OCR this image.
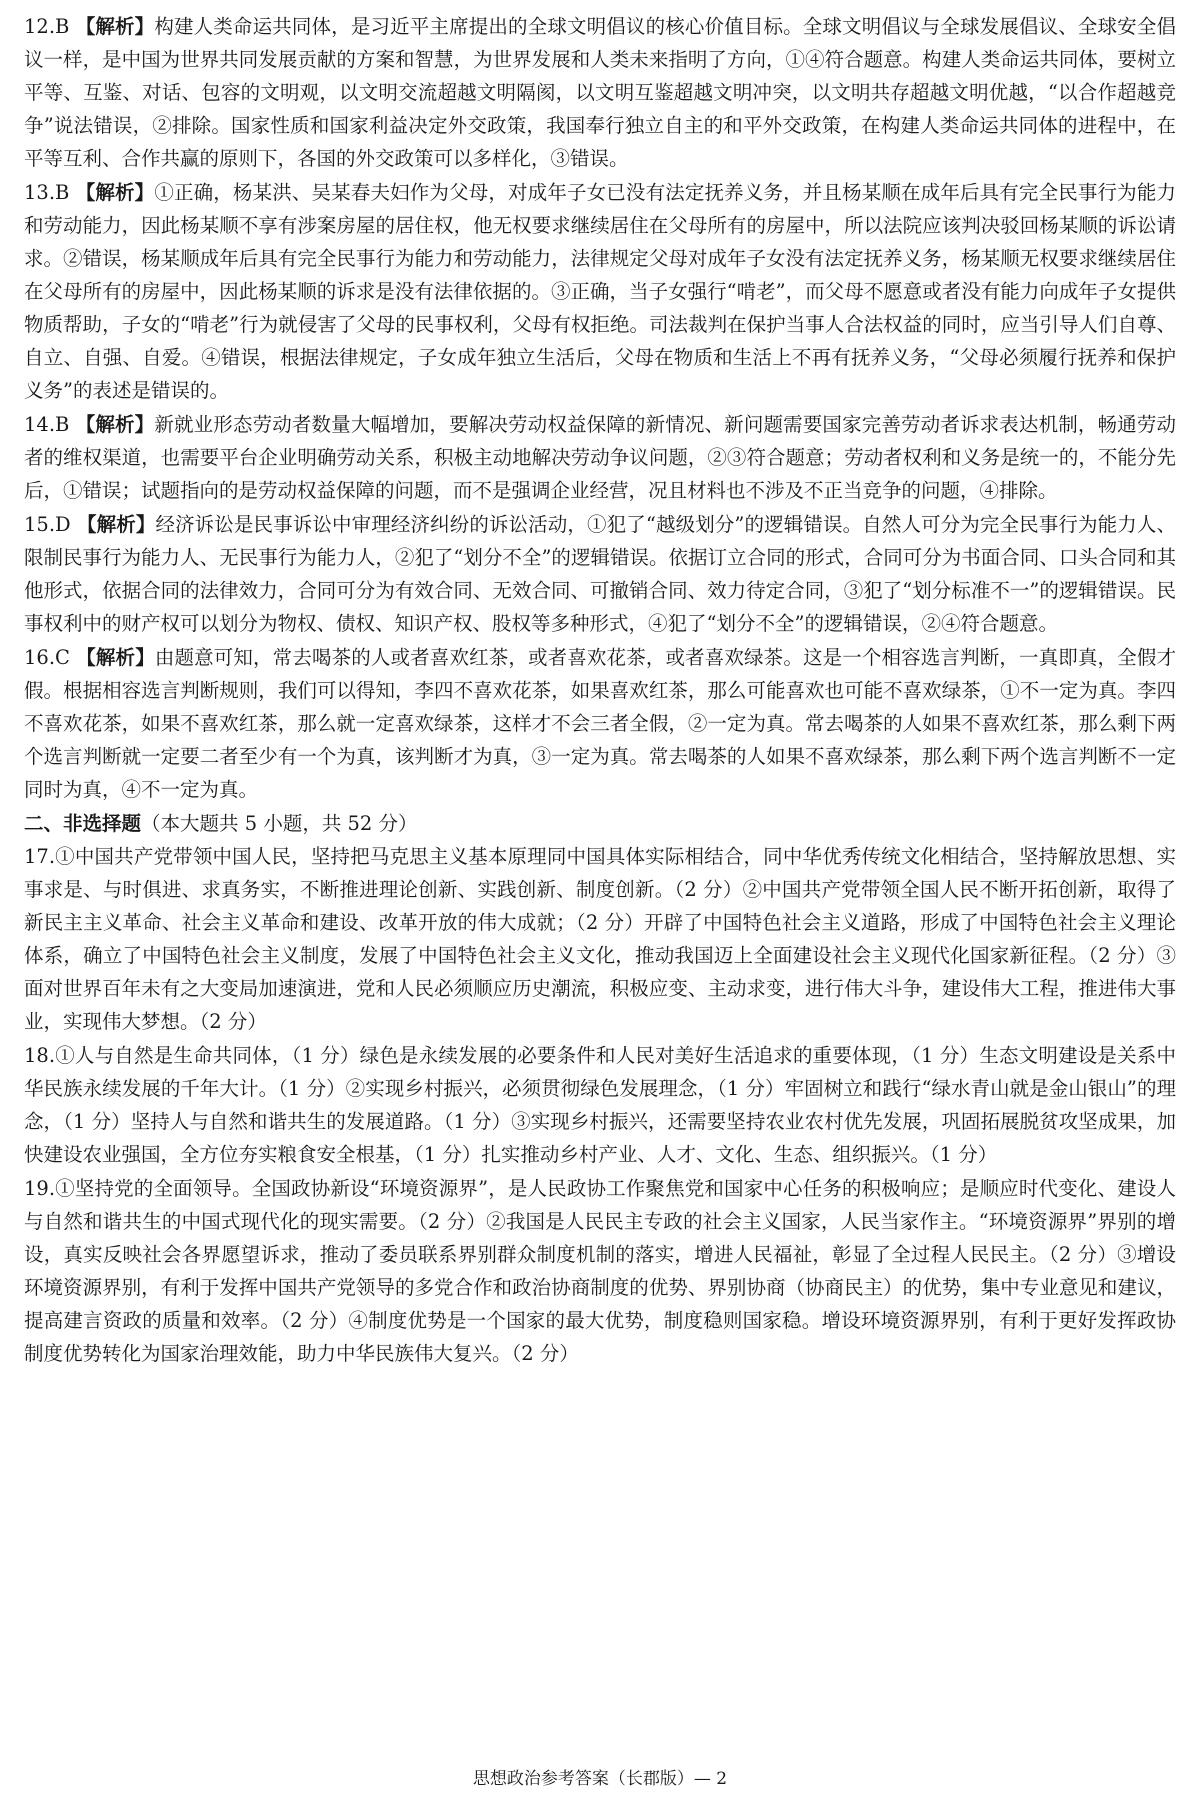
12.B 【解析】构建人类命运共同体，是习近平主席提出的全球文明倡议的核心价值目标。全球文明倡议与全球发展倡议、全球安全倡议一样，是中国为世界共同发展贡献的方案和智慧，为世界发展和人类未来指明了方向，①④符合题意。构建人类命运共同体，要树立平等、互鉴、对话、包容的文明观，以文明交流超越文明隔阂，以文明互鉴超越文明冲突，以文明共存超越文明优越，“以合作超越竞争”说法错误，②排除。国家性质和国家利益决定外交政策，我国奉行独立自主的和平外交政策，在构建人类命运共同体的进程中，在平等互利、合作共赢的原则下，各国的外交政策可以多样化，③错误。
13.B 【解析】①正确，杨某洪、吴某春夫妇作为父母，对成年子女已没有法定抚养义务，并且杨某顺在成年后具有完全民事行为能力和劳动能力，因此杨某顺不享有涉案房屋的居住权，他无权要求继续居住在父母所有的房屋中，所以法院应该判决驳回杨某顺的诉讼请求。②错误，杨某顺成年后具有完全民事行为能力和劳动能力，法律规定父母对成年子女没有法定抚养义务，杨某顺无权要求继续居住在父母所有的房屋中，因此杨某顺的诉求是没有法律依据的。③正确，当子女强行“啃老”，而父母不愿意或者没有能力向成年子女提供物质帮助，子女的“啃老”行为就侵害了父母的民事权利，父母有权拒绝。司法裁判在保护当事人合法权益的同时，应当引导人们自尊、自立、自强、自爱。④错误，根据法律规定，子女成年独立生活后，父母在物质和生活上不再有抚养义务，“父母必须履行抚养和保护义务”的表述是错误的。
14.B 【解析】新就业形态劳动者数量大幅增加，要解决劳动权益保障的新情况、新问题需要国家完善劳动者诉求表达机制，畅通劳动者的维权渠道，也需要平台企业明确劳动关系，积极主动地解决劳动争议问题，②③符合题意；劳动者权利和义务是统一的，不能分先后，①错误；试题指向的是劳动权益保障的问题，而不是强调企业经营，况且材料也不涉及不正当竞争的问题，④排除。
15.D 【解析】经济诉讼是民事诉讼中审理经济纠纷的诉讼活动，①犯了“越级划分”的逻辑错误。自然人可分为完全民事行为能力人、限制民事行为能力人、无民事行为能力人，②犯了“划分不全”的逻辑错误。依据订立合同的形式，合同可分为书面合同、口头合同和其他形式，依据合同的法律效力，合同可分为有效合同、无效合同、可撤销合同、效力待定合同，③犯了“划分标准不一”的逻辑错误。民事权利中的财产权可以划分为物权、债权、知识产权、股权等多种形式，④犯了“划分不全”的逻辑错误，②④符合题意。
16.C 【解析】由题意可知，常去喝茶的人或者喜欢红茶，或者喜欢花茶，或者喜欢绿茶。这是一个相容选言判断，一真即真，全假才假。根据相容选言判断规则，我们可以得知，李四不喜欢花茶，如果喜欢红茶，那么可能喜欢也可能不喜欢绿茶，①不一定为真。李四不喜欢花茶，如果不喜欢红茶，那么就一定喜欢绿茶，这样才不会三者全假，②一定为真。常去喝茶的人如果不喜欢红茶，那么剩下两个选言判断就一定要二者至少有一个为真，该判断才为真，③一定为真。常去喝茶的人如果不喜欢绿茶，那么剩下两个选言判断不一定同时为真，④不一定为真。
二、非选择题（本大题共 5 小题，共 52 分）
17.①中国共产党带领中国人民，坚持把马克思主义基本原理同中国具体实际相结合，同中华优秀传统文化相结合，坚持解放思想、实事求是、与时俱进、求真务实，不断推进理论创新、实践创新、制度创新。（2 分）②中国共产党带领全国人民不断开拓创新，取得了新民主主义革命、社会主义革命和建设、改革开放的伟大成就；（2 分）开辟了中国特色社会主义道路，形成了中国特色社会主义理论体系，确立了中国特色社会主义制度，发展了中国特色社会主义文化，推动我国迈上全面建设社会主义现代化国家新征程。（2 分）③面对世界百年未有之大变局加速演进，党和人民必须顺应历史潮流，积极应变、主动求变，进行伟大斗争，建设伟大工程，推进伟大事业，实现伟大梦想。（2 分）
18.①人与自然是生命共同体，（1 分）绿色是永续发展的必要条件和人民对美好生活追求的重要体现，（1 分）生态文明建设是关系中华民族永续发展的千年大计。（1 分）②实现乡村振兴，必须贯彻绿色发展理念，（1 分）牢固树立和践行“绿水青山就是金山银山”的理念，（1 分）坚持人与自然和谐共生的发展道路。（1 分）③实现乡村振兴，还需要坚持农业农村优先发展，巩固拓展脱贫攻坚成果，加快建设农业强国，全方位夯实粮食安全根基，（1 分）扎实推动乡村产业、人才、文化、生态、组织振兴。（1 分）
19.①坚持党的全面领导。全国政协新设“环境资源界”，是人民政协工作聚焦党和国家中心任务的积极响应；是顺应时代变化、建设人与自然和谐共生的中国式现代化的现实需要。（2 分）②我国是人民民主专政的社会主义国家，人民当家作主。“环境资源界”界别的增设，真实反映社会各界愿望诉求，推动了委员联系界别群众制度机制的落实，增进人民福祉，彰显了全过程人民民主。（2 分）③增设环境资源界别，有利于发挥中国共产党领导的多党合作和政治协商制度的优势、界别协商（协商民主）的优势，集中专业意见和建议，提高建言资政的质量和效率。（2 分）④制度优势是一个国家的最大优势，制度稳则国家稳。增设环境资源界别，有利于更好发挥政协制度优势转化为国家治理效能，助力中华民族伟大复兴。（2 分）
思想政治参考答案（长郡版）— 2
